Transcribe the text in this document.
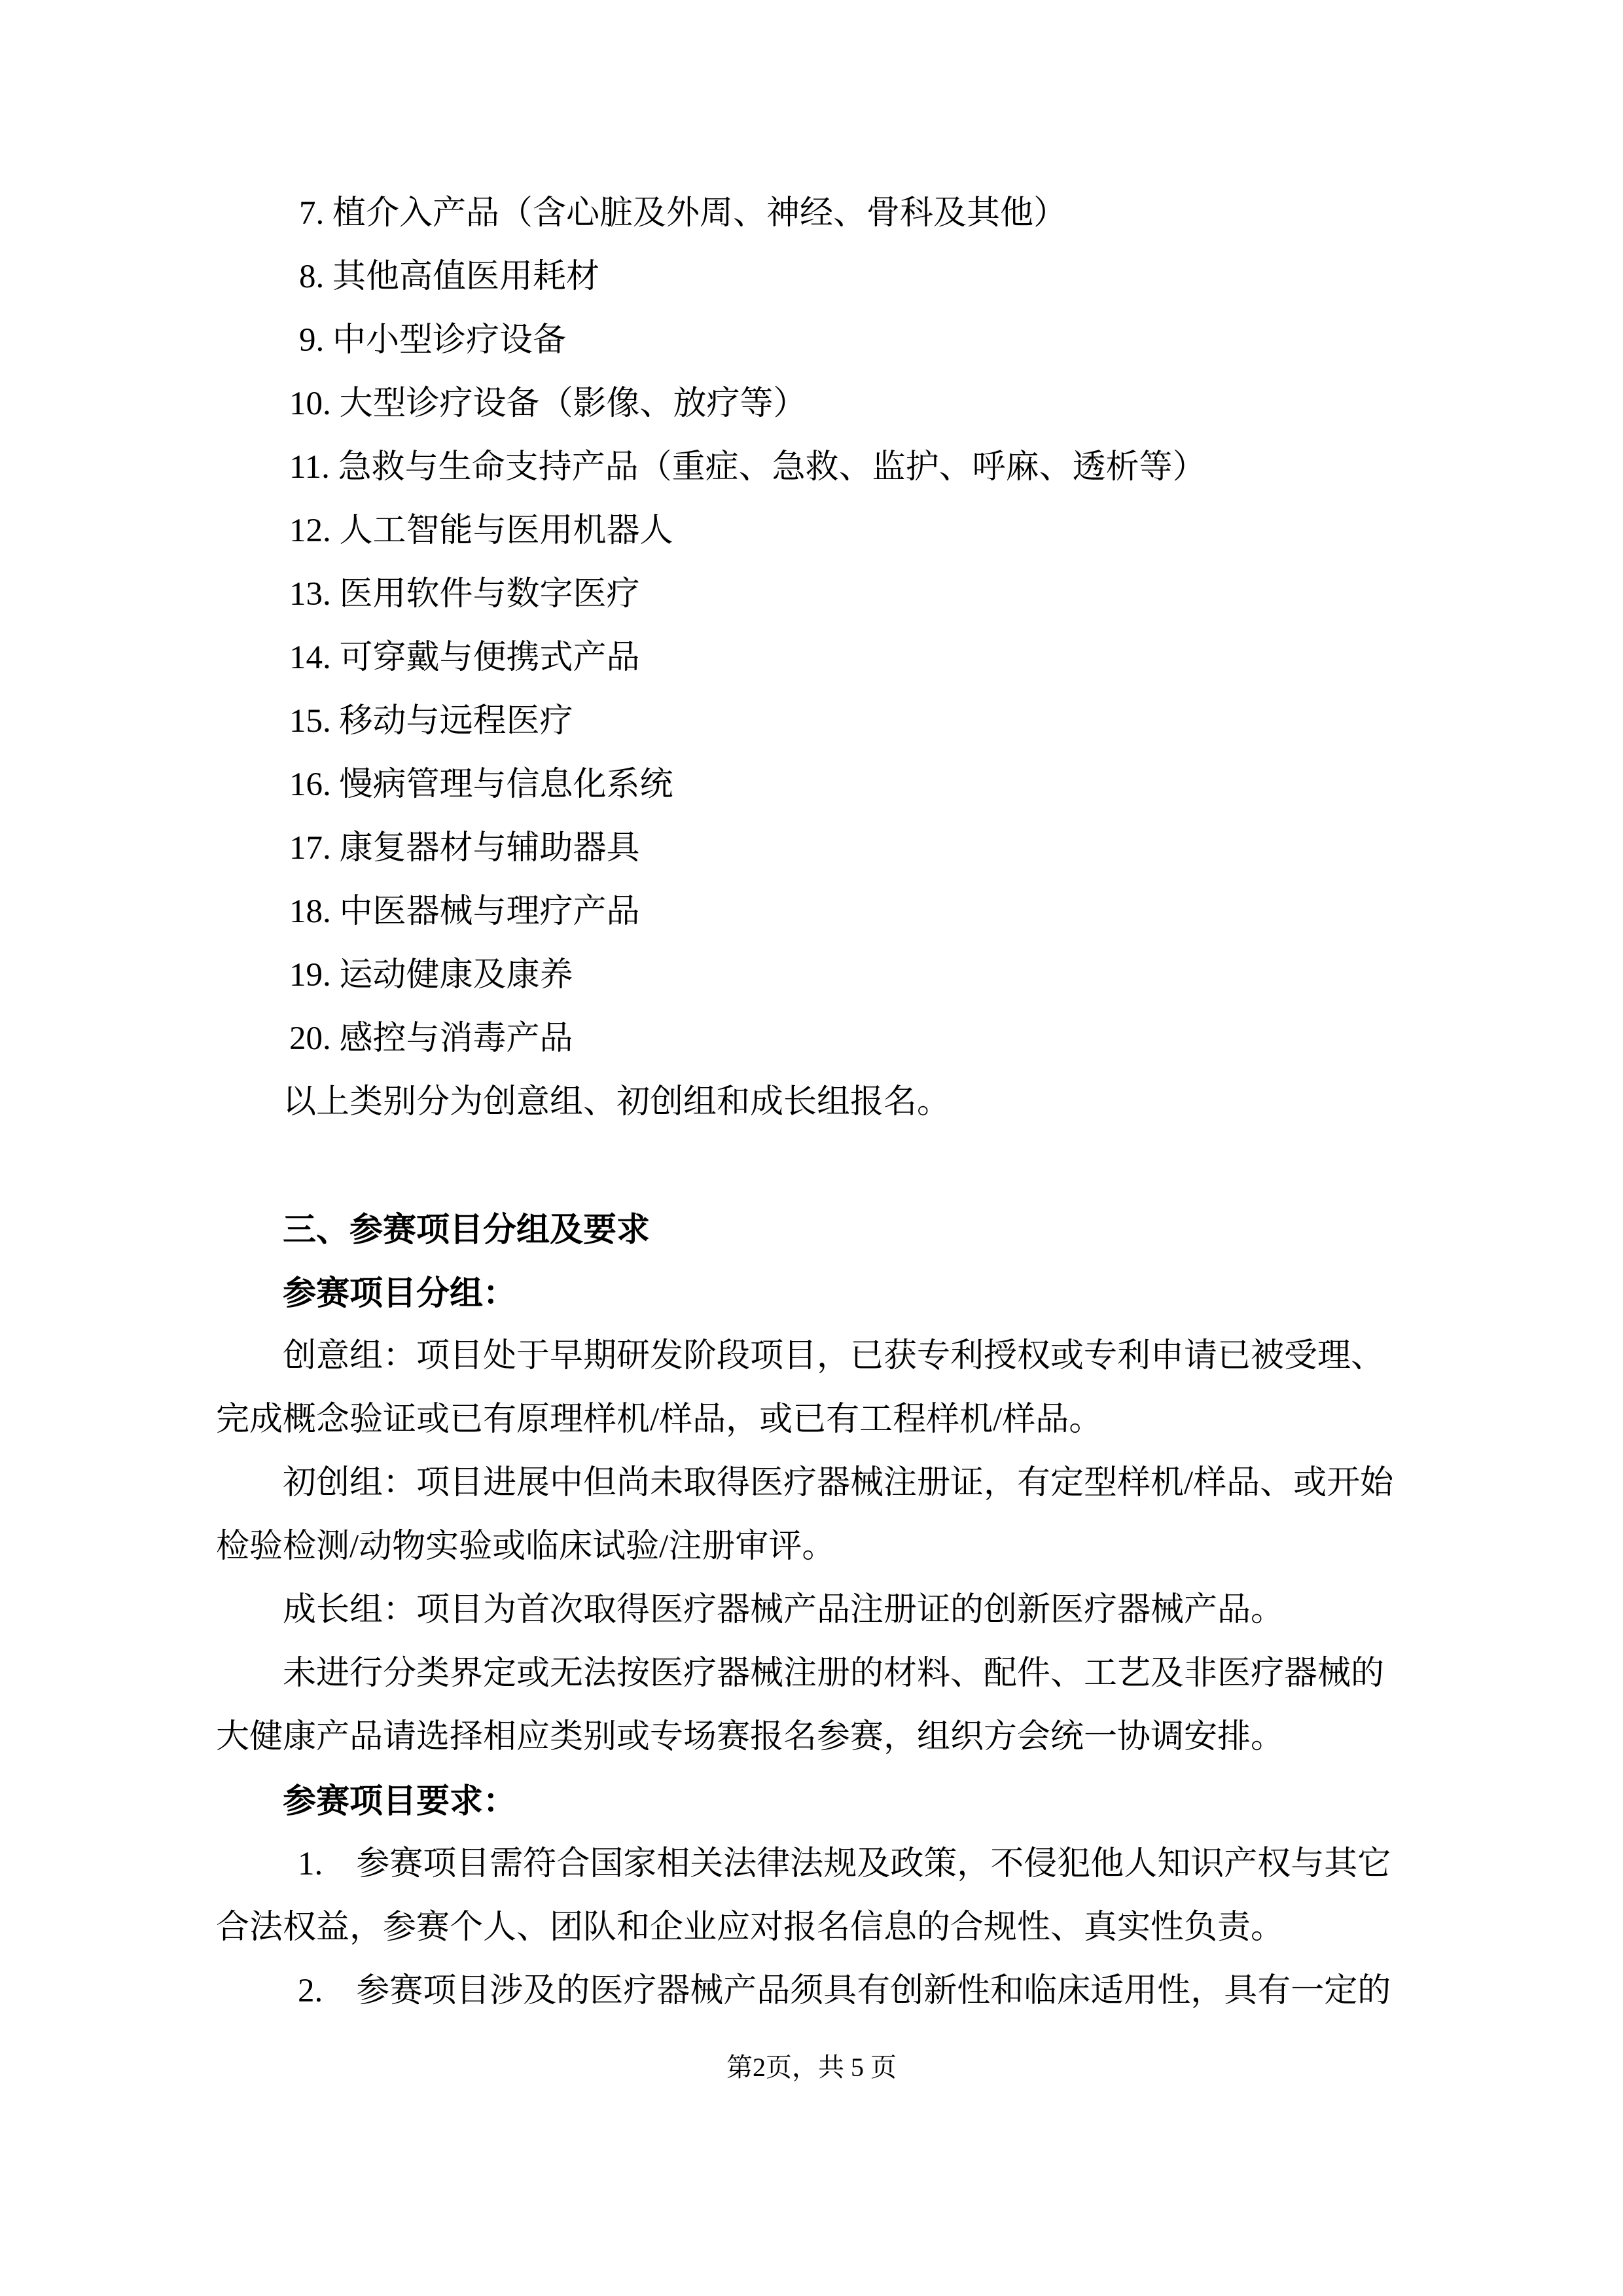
7. 植介入产品（含心脏及外周、神经、骨科及其他）
8. 其他高值医用耗材
9. 中小型诊疗设备
10. 大型诊疗设备（影像、放疗等）
11. 急救与生命支持产品（重症、急救、监护、呼麻、透析等）
12. 人工智能与医用机器人
13. 医用软件与数字医疗
14. 可穿戴与便携式产品
15. 移动与远程医疗
16. 慢病管理与信息化系统
17. 康复器材与辅助器具
18. 中医器械与理疗产品
19. 运动健康及康养
20. 感控与消毒产品
以上类别分为创意组、初创组和成长组报名。
三、参赛项目分组及要求
参赛项目分组：
创意组：项目处于早期研发阶段项目，已获专利授权或专利申请已被受理、
完成概念验证或已有原理样机/样品，或已有工程样机/样品。
初创组：项目进展中但尚未取得医疗器械注册证，有定型样机/样品、或开始
检验检测/动物实验或临床试验/注册审评。
成长组：项目为首次取得医疗器械产品注册证的创新医疗器械产品。
未进行分类界定或无法按医疗器械注册的材料、配件、工艺及非医疗器械的
大健康产品请选择相应类别或专场赛报名参赛，组织方会统一协调安排。
参赛项目要求：
1.　参赛项目需符合国家相关法律法规及政策，不侵犯他人知识产权与其它
合法权益，参赛个人、团队和企业应对报名信息的合规性、真实性负责。
2.　参赛项目涉及的医疗器械产品须具有创新性和临床适用性，具有一定的
第2页，共 5 页
